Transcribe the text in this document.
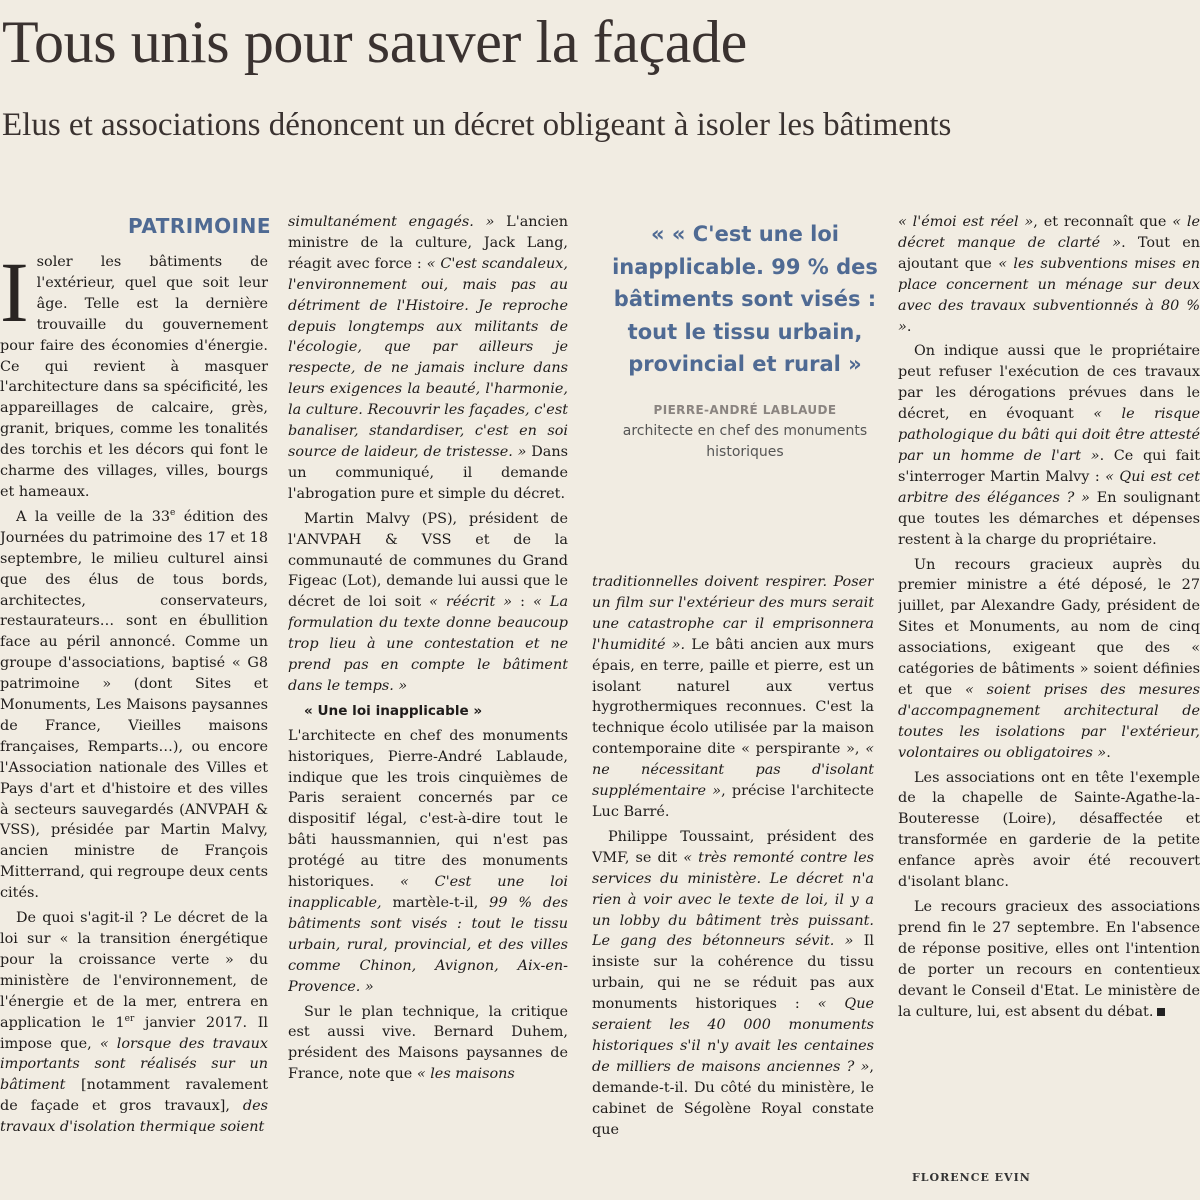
Tous unis pour sauver la façade
Elus et associations dénoncent un décret obligeant à isoler les bâtiments
PATRIMOINE

Isoler les bâtiments de l'extérieur, quel que soit leur âge. Telle est la dernière trouvaille du gouvernement pour faire des économies d'énergie. Ce qui revient à masquer l'architecture dans sa spécificité, les appareillages de calcaire, grès, granit, briques, comme les tonalités des torchis et les décors qui font le charme des villages, villes, bourgs et hameaux.

A la veille de la 33e édition des Journées du patrimoine des 17 et 18 septembre, le milieu culturel ainsi que des élus de tous bords, architectes, conservateurs, restaurateurs… sont en ébullition face au péril annoncé. Comme un groupe d'associations, baptisé « G8 patrimoine » (dont Sites et Monuments, Les Maisons paysannes de France, Vieilles maisons françaises, Remparts…), ou encore l'Association nationale des Villes et Pays d'art et d'histoire et des villes à secteurs sauvegardés (ANVPAH & VSS), présidée par Martin Malvy, ancien ministre de François Mitterrand, qui regroupe deux cents cités.

De quoi s'agit-il ? Le décret de la loi sur « la transition énergétique pour la croissance verte » du ministère de l'environnement, de l'énergie et de la mer, entrera en application le 1er janvier 2017. Il impose que, « lorsque des travaux importants sont réalisés sur un bâtiment [notamment ravalement de façade et gros travaux], des travaux d'isolation thermique soient

simultanément engagés. » L'ancien ministre de la culture, Jack Lang, réagit avec force : « C'est scandaleux, l'environnement oui, mais pas au détriment de l'Histoire. Je reproche depuis longtemps aux militants de l'écologie, que par ailleurs je respecte, de ne jamais inclure dans leurs exigences la beauté, l'harmonie, la culture. Recouvrir les façades, c'est banaliser, standardiser, c'est en soi source de laideur, de tristesse. » Dans un communiqué, il demande l'abrogation pure et simple du décret.

Martin Malvy (PS), président de l'ANVPAH & VSS et de la communauté de communes du Grand Figeac (Lot), demande lui aussi que le décret de loi soit « réécrit » : « La formulation du texte donne beaucoup trop lieu à une contestation et ne prend pas en compte le bâtiment dans le temps. »

« Une loi inapplicable »

L'architecte en chef des monuments historiques, Pierre-André Lablaude, indique que les trois cinquièmes de Paris seraient concernés par ce dispositif légal, c'est-à-dire tout le bâti haussmannien, qui n'est pas protégé au titre des monuments historiques. « C'est une loi inapplicable, martèle-t-il, 99 % des bâtiments sont visés : tout le tissu urbain, rural, provincial, et des villes comme Chinon, Avignon, Aix-en-Provence. »

Sur le plan technique, la critique est aussi vive. Bernard Duhem, président des Maisons paysannes de France, note que « les maisons

« « C'est une loi inapplicable. 99 % des bâtiments sont visés : tout le tissu urbain, provincial et rural »

PIERRE-ANDRÉ LABLAUDE
architecte en chef des monuments historiques

traditionnelles doivent respirer. Poser un film sur l'extérieur des murs serait une catastrophe car il emprisonnera l'humidité ». Le bâti ancien aux murs épais, en terre, paille et pierre, est un isolant naturel aux vertus hygrothermiques reconnues. C'est la technique écolo utilisée par la maison contemporaine dite « perspirante », « ne nécessitant pas d'isolant supplémentaire », précise l'architecte Luc Barré.

Philippe Toussaint, président des VMF, se dit « très remonté contre les services du ministère. Le décret n'a rien à voir avec le texte de loi, il y a un lobby du bâtiment très puissant. Le gang des bétonneurs sévit. » Il insiste sur la cohérence du tissu urbain, qui ne se réduit pas aux monuments historiques : « Que seraient les 40 000 monuments historiques s'il n'y avait les centaines de milliers de maisons anciennes ? », demande-t-il. Du côté du ministère, le cabinet de Ségolène Royal constate que

« l'émoi est réel », et reconnaît que « le décret manque de clarté ». Tout en ajoutant que « les subventions mises en place concernent un ménage sur deux avec des travaux subventionnés à 80 % ».

On indique aussi que le propriétaire peut refuser l'exécution de ces travaux par les dérogations prévues dans le décret, en évoquant « le risque pathologique du bâti qui doit être attesté par un homme de l'art ». Ce qui fait s'interroger Martin Malvy : « Qui est cet arbitre des élégances ? » En soulignant que toutes les démarches et dépenses restent à la charge du propriétaire.

Un recours gracieux auprès du premier ministre a été déposé, le 27 juillet, par Alexandre Gady, président de Sites et Monuments, au nom de cinq associations, exigeant que des « catégories de bâtiments » soient définies et que « soient prises des mesures d'accompagnement architectural de toutes les isolations par l'extérieur, volontaires ou obligatoires ».

Les associations ont en tête l'exemple de la chapelle de Sainte-Agathe-la-Bouteresse (Loire), désaffectée et transformée en garderie de la petite enfance après avoir été recouvert d'isolant blanc.

Le recours gracieux des associations prend fin le 27 septembre. En l'absence de réponse positive, elles ont l'intention de porter un recours en contentieux devant le Conseil d'Etat. Le ministère de la culture, lui, est absent du débat.

FLORENCE EVIN
